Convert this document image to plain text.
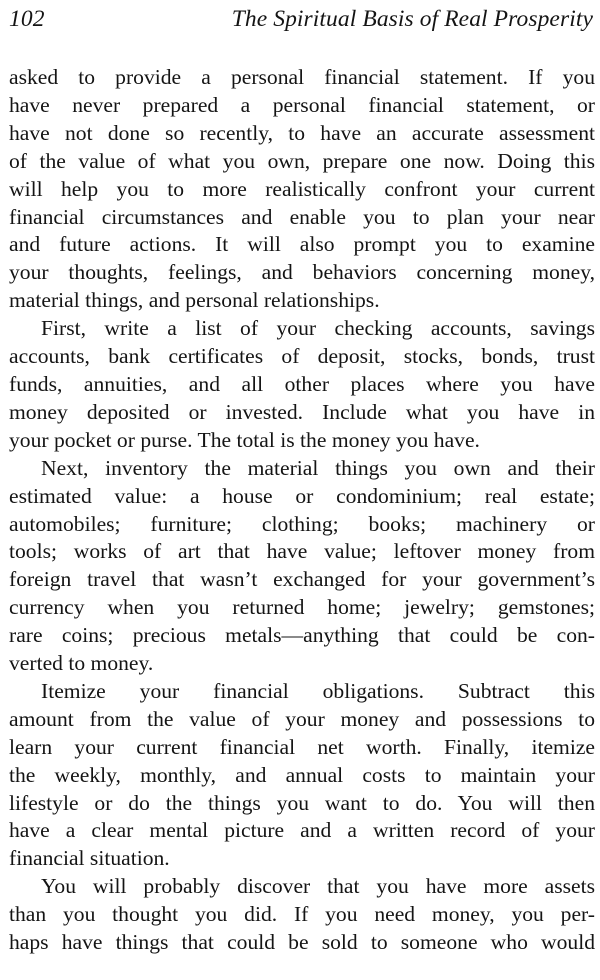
102	The Spiritual Basis of Real Prosperity

asked to provide a personal financial statement. If you
have never prepared a personal financial statement, or
have not done so recently, to have an accurate assessment
of the value of what you own, prepare one now. Doing this
will help you to more realistically confront your current
financial circumstances and enable you to plan your near
and future actions. It will also prompt you to examine
your thoughts, feelings, and behaviors concerning money,
material things, and personal relationships.

First, write a list of your checking accounts, savings
accounts, bank certificates of deposit, stocks, bonds, trust
funds, annuities, and all other places where you have
money deposited or invested. Include what you have in
your pocket or purse. The total is the money you have.

Next, inventory the material things you own and their
estimated value: a house or condominium; real estate;
automobiles; furniture; clothing; books; machinery or
tools; works of art that have value; leftover money from
foreign travel that wasn’t exchanged for your government’s
currency when you returned home; jewelry; gemstones;
rare coins; precious metals—anything that could be con-
verted to money.

Itemize your financial obligations. Subtract this
amount from the value of your money and possessions to
learn your current financial net worth. Finally, itemize
the weekly, monthly, and annual costs to maintain your
lifestyle or do the things you want to do. You will then
have a clear mental picture and a written record of your
financial situation.

You will probably discover that you have more assets
than you thought you did. If you need money, you per-
haps have things that could be sold to someone who would
